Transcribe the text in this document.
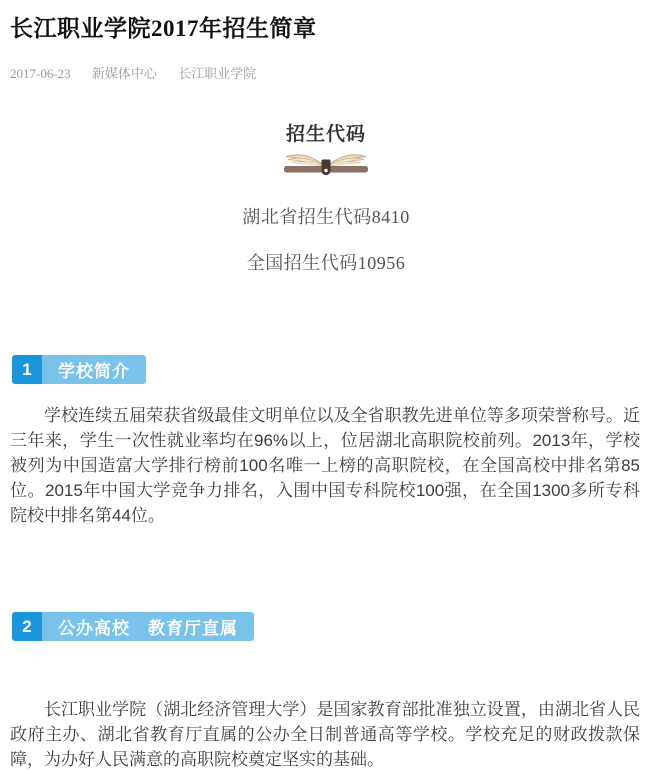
长江职业学院2017年招生简章
2017-06-23 新媒体中心 长江职业学院
招生代码
湖北省招生代码8410
全国招生代码10956
1	学校简介

学校连续五届荣获省级最佳文明单位以及全省职教先进单位等多项荣誉称号。近三年来，学生一次性就业率均在96%以上，位居湖北高职院校前列。2013年，学校被列为中国造富大学排行榜前100名唯一上榜的高职院校，在全国高校中排名第85位。2015年中国大学竞争力排名，入围中国专科院校100强，在全国1300多所专科院校中排名第44位。

2	公办高校　教育厅直属

长江职业学院（湖北经济管理大学）是国家教育部批准独立设置，由湖北省人民政府主办、湖北省教育厅直属的公办全日制普通高等学校。学校充足的财政拨款保障，为办好人民满意的高职院校奠定坚实的基础。
